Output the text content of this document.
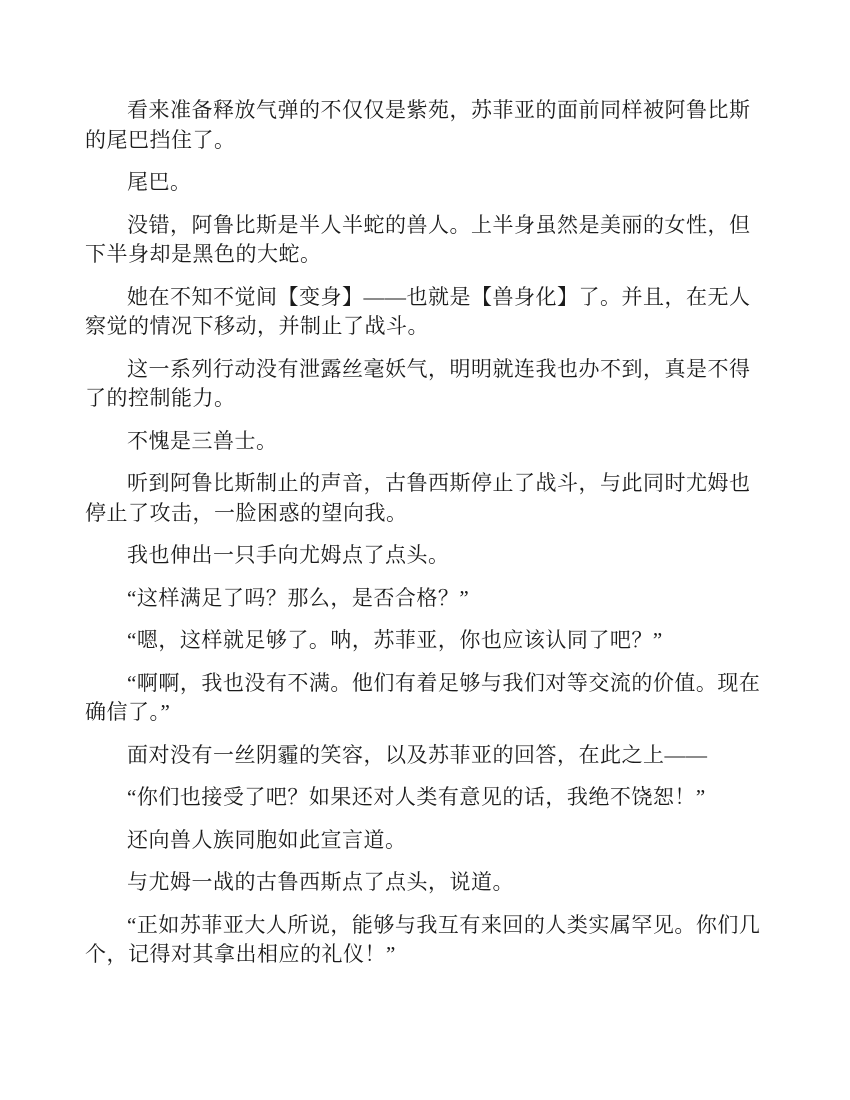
看来准备释放气弹的不仅仅是紫苑，苏菲亚的面前同样被阿鲁比斯的尾巴挡住了。

尾巴。

没错，阿鲁比斯是半人半蛇的兽人。上半身虽然是美丽的女性，但下半身却是黑色的大蛇。

她在不知不觉间【变身】——也就是【兽身化】了。并且，在无人察觉的情况下移动，并制止了战斗。

这一系列行动没有泄露丝毫妖气，明明就连我也办不到，真是不得了的控制能力。

不愧是三兽士。

听到阿鲁比斯制止的声音，古鲁西斯停止了战斗，与此同时尤姆也停止了攻击，一脸困惑的望向我。

我也伸出一只手向尤姆点了点头。

“这样满足了吗？那么，是否合格？”

“嗯，这样就足够了。呐，苏菲亚，你也应该认同了吧？”

“啊啊，我也没有不满。他们有着足够与我们对等交流的价值。现在确信了。”

面对没有一丝阴霾的笑容，以及苏菲亚的回答，在此之上——

“你们也接受了吧？如果还对人类有意见的话，我绝不饶恕！”

还向兽人族同胞如此宣言道。

与尤姆一战的古鲁西斯点了点头，说道。

“正如苏菲亚大人所说，能够与我互有来回的人类实属罕见。你们几个，记得对其拿出相应的礼仪！”
